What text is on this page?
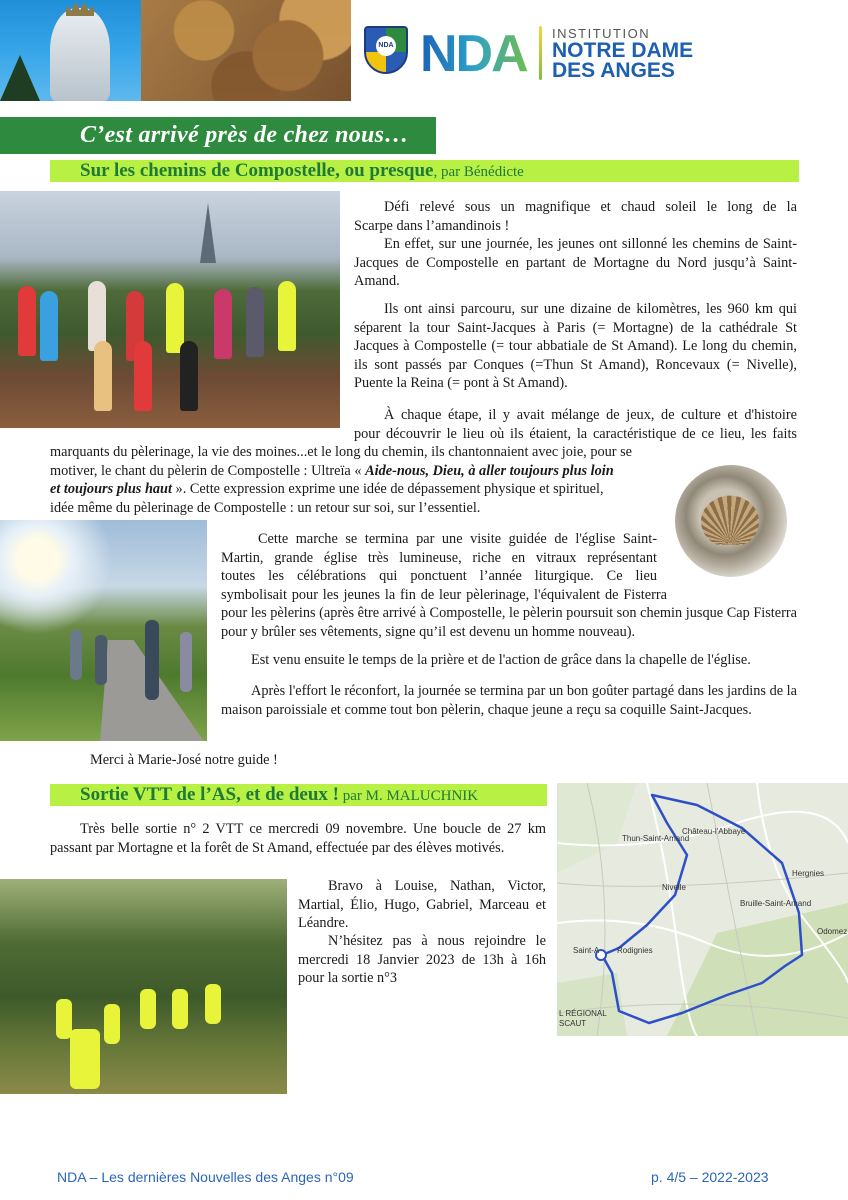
NDA NDA	INSTITUTION
NOTRE DAME
DES ANGES
C’est arrivé près de chez nous…
Sur les chemins de Compostelle, ou presque, par Bénédicte
Défi relevé sous un magnifique et chaud soleil le long de la
Scarpe dans l’amandinois !
En effet, sur une journée, les jeunes ont sillonné les chemins de Saint-Jacques de Compostelle en partant de Mortagne du Nord jusqu’à Saint-Amand.
Ils ont ainsi parcouru, sur une dizaine de kilomètres, les 960 km qui séparent la tour Saint-Jacques à Paris (= Mortagne) de la cathédrale St Jacques à Compostelle (= tour abbatiale de St Amand). Le long du chemin, ils sont passés par Conques (=Thun St Amand), Roncevaux (= Nivelle), Puente la Reina (= pont à St Amand).
À chaque étape, il y avait mélange de jeux, de culture et d'histoire
pour découvrir le lieu où ils étaient, la caractéristique de ce lieu, les faits
marquants du pèlerinage, la vie des moines...et le long du chemin, ils chantonnaient avec joie, pour se
motiver, le chant du pèlerin de Compostelle : Ultreïa « Aide-nous, Dieu, à aller toujours plus loin
et toujours plus haut ». Cette expression exprime une idée de dépassement physique et spirituel,
idée même du pèlerinage de Compostelle : un retour sur soi, sur l’essentiel.
Cette marche se termina par une visite guidée de l'église Saint-
Martin, grande église très lumineuse, riche en vitraux représentant
toutes les célébrations qui ponctuent l’année liturgique. Ce lieu
symbolisait pour les jeunes la fin de leur pèlerinage, l'équivalent de Fisterra
pour les pèlerins (après être arrivé à Compostelle, le pèlerin poursuit son chemin jusque Cap Fisterra pour y brûler ses vêtements, signe qu’il est devenu un homme nouveau).
Est venu ensuite le temps de la prière et de l'action de grâce dans la chapelle de l'église.
Après l'effort le réconfort, la journée se termina par un bon goûter partagé dans les jardins de la maison paroissiale et comme tout bon pèlerin, chaque jeune a reçu sa coquille Saint-Jacques.
Merci à Marie-José notre guide !
Sortie VTT de l’AS, et de deux ! par M. MALUCHNIK
Très belle sortie n° 2 VTT ce mercredi 09 novembre. Une boucle de 27 km passant par Mortagne et la forêt de St Amand, effectuée par des élèves motivés.
Bravo à Louise, Nathan, Victor, Martial, Élio, Hugo, Gabriel, Marceau et Léandre.
N’hésitez pas à nous rejoindre le mercredi 18 Janvier 2023 de 13h à 16h pour la sortie n°3
Château-l'Abbaye
Thun-Saint-Amand
Nivelle
Hergnies
Bruille-Saint-Amand
Odomez
Saint-A Rodignies
L RÉGIONAL
SCAUT
NDA – Les dernières Nouvelles des Anges n°09	p. 4/5 – 2022-2023
